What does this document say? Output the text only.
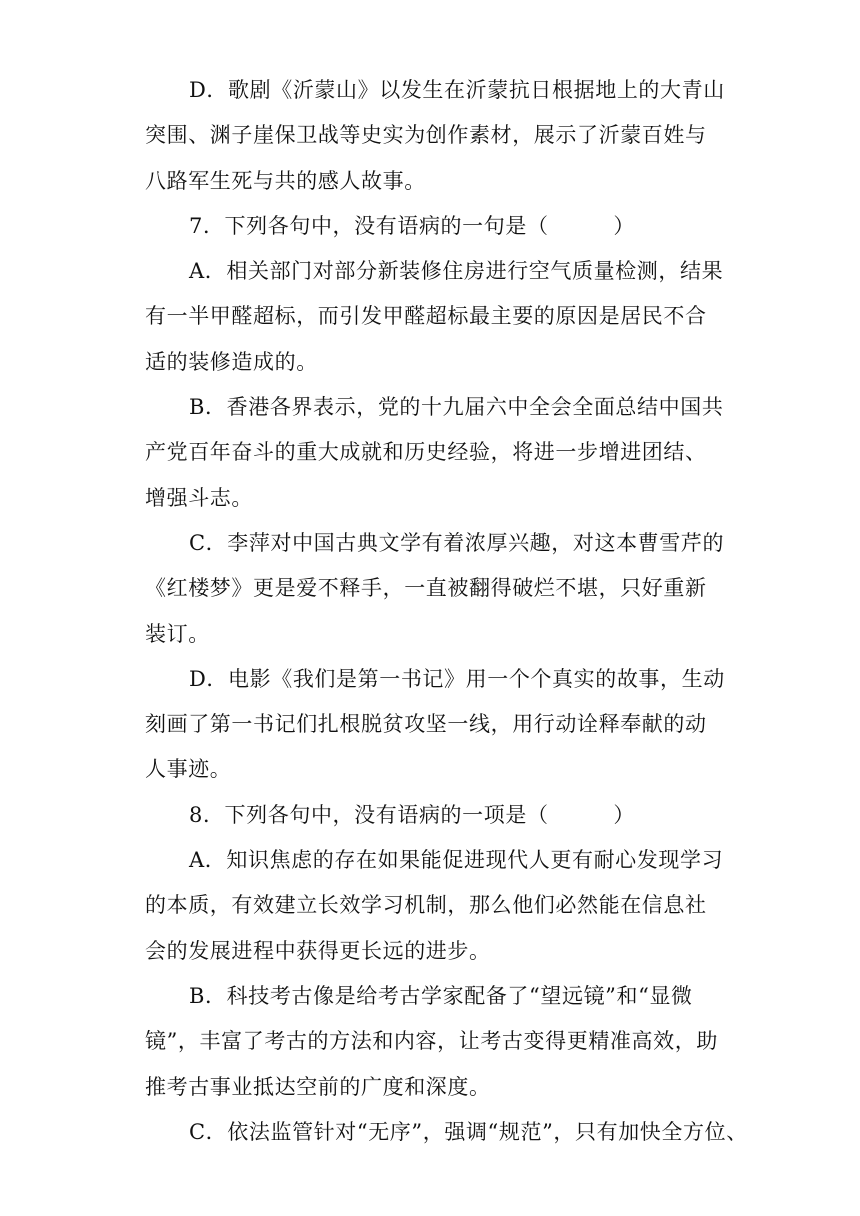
D．歌剧《沂蒙山》以发生在沂蒙抗日根据地上的大青山
突围、渊子崖保卫战等史实为创作素材，展示了沂蒙百姓与
八路军生死与共的感人故事。

7．下列各句中，没有语病的一句是（　　　）

A．相关部门对部分新装修住房进行空气质量检测，结果
有一半甲醛超标，而引发甲醛超标最主要的原因是居民不合
适的装修造成的。

B．香港各界表示，党的十九届六中全会全面总结中国共
产党百年奋斗的重大成就和历史经验，将进一步增进团结、
增强斗志。

C．李萍对中国古典文学有着浓厚兴趣，对这本曹雪芹的
《红楼梦》更是爱不释手，一直被翻得破烂不堪，只好重新
装订。

D．电影《我们是第一书记》用一个个真实的故事，生动
刻画了第一书记们扎根脱贫攻坚一线，用行动诠释奉献的动
人事迹。

8．下列各句中，没有语病的一项是（　　　）

A．知识焦虑的存在如果能促进现代人更有耐心发现学习
的本质，有效建立长效学习机制，那么他们必然能在信息社
会的发展进程中获得更长远的进步。

B．科技考古像是给考古学家配备了“望远镜”和“显微
镜”，丰富了考古的方法和内容，让考古变得更精准高效，助
推考古事业抵达空前的广度和深度。

C．依法监管针对“无序”，强调“规范”，只有加快全方位、
